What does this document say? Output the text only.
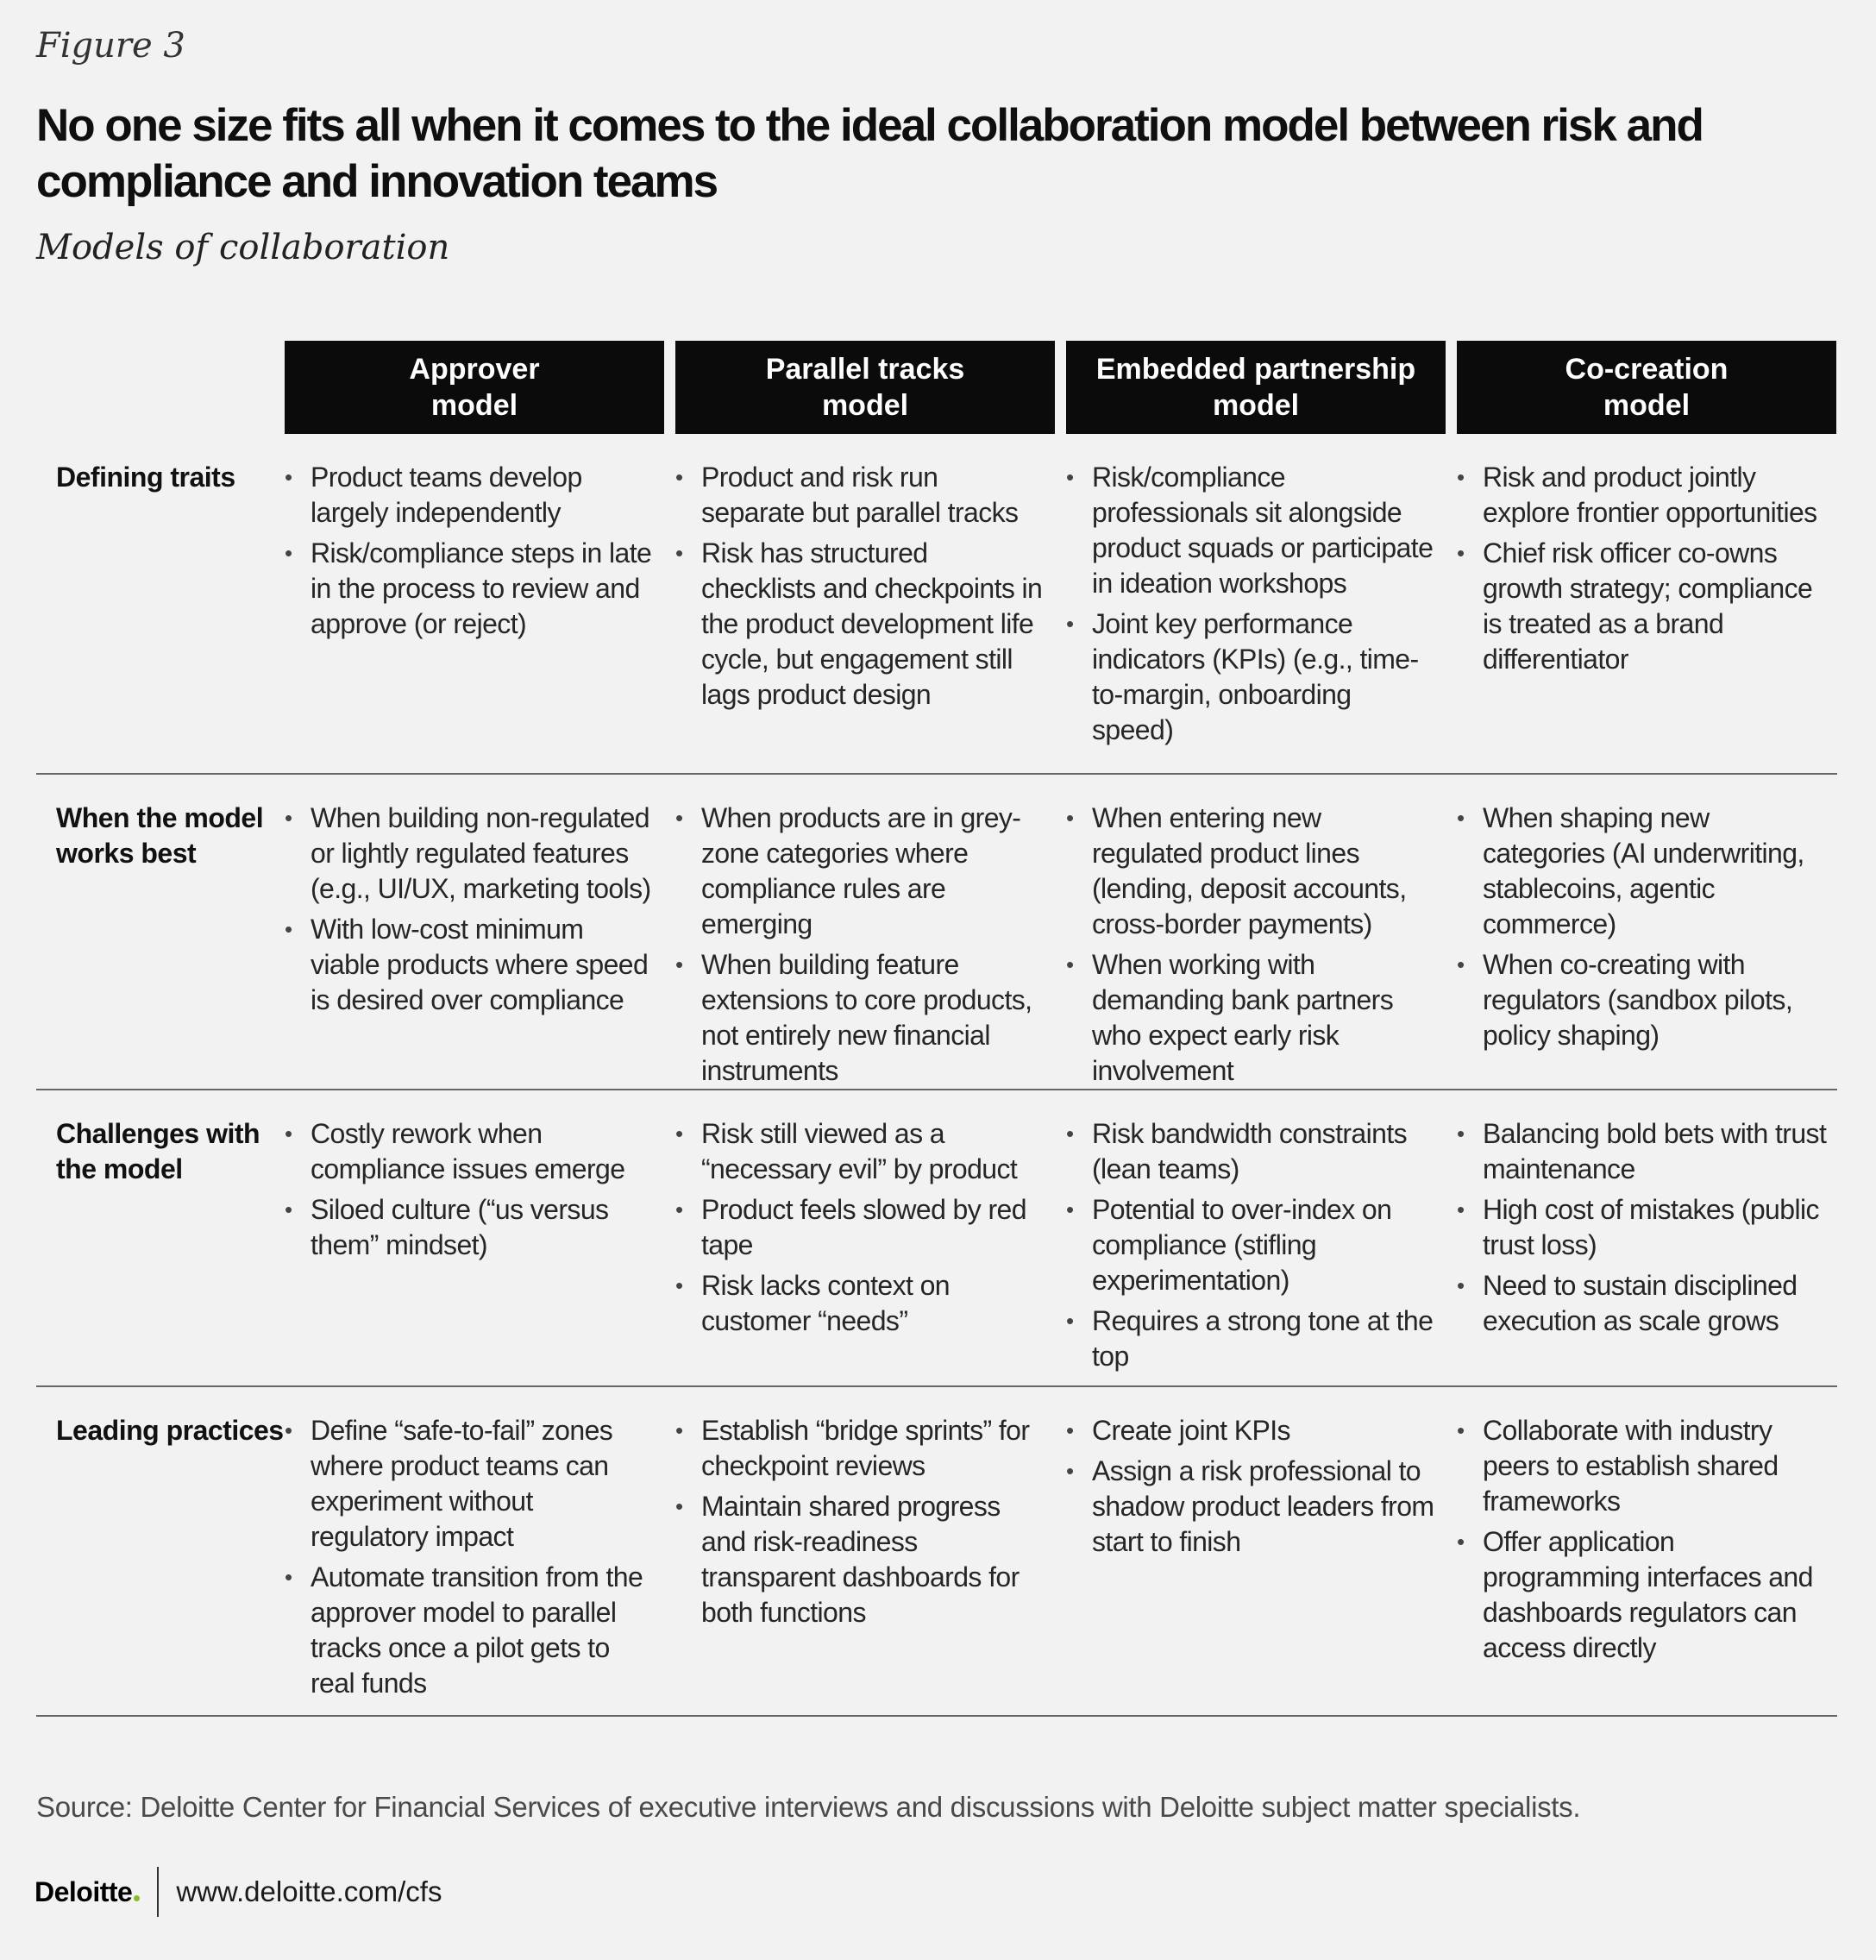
Figure 3
No one size fits all when it comes to the ideal collaboration model between risk and compliance and innovation teams
Models of collaboration
Approver
model
Parallel tracks
model
Embedded partnership
model
Co-creation
model
Defining traits	• Product teams develop largely independently
• Risk/compliance steps in late in the process to review and approve (or reject)
• Product and risk run separate but parallel tracks
• Risk has structured checklists and checkpoints in the product development life cycle, but engagement still lags product design
• Risk/compliance professionals sit alongside product squads or participate in ideation workshops
• Joint key performance indicators (KPIs) (e.g., time-to-margin, onboarding speed)
• Risk and product jointly explore frontier opportunities
• Chief risk officer co-owns growth strategy; compliance is treated as a brand differentiator
When the model works best
• When building non-regulated or lightly regulated features (e.g., UI/UX, marketing tools)
• With low-cost minimum viable products where speed is desired over compliance
• When products are in grey-zone categories where compliance rules are emerging
• When building feature extensions to core products, not entirely new financial instruments
• When entering new regulated product lines (lending, deposit accounts, cross-border payments)
• When working with demanding bank partners who expect early risk involvement
• When shaping new categories (AI underwriting, stablecoins, agentic commerce)
• When co-creating with regulators (sandbox pilots, policy shaping)
Challenges with the model
• Costly rework when compliance issues emerge
• Siloed culture (“us versus them” mindset)
• Risk still viewed as a “necessary evil” by product
• Product feels slowed by red tape
• Risk lacks context on customer “needs”
• Risk bandwidth constraints (lean teams)
• Potential to over-index on compliance (stifling experimentation)
• Requires a strong tone at the top
• Balancing bold bets with trust maintenance
• High cost of mistakes (public trust loss)
• Need to sustain disciplined execution as scale grows
Leading practices • Define “safe-to-fail” zones where product teams can experiment without regulatory impact
• Automate transition from the approver model to parallel tracks once a pilot gets to real funds
• Establish “bridge sprints” for checkpoint reviews
• Maintain shared progress and risk-readiness transparent dashboards for both functions
• Create joint KPIs
• Assign a risk professional to shadow product leaders from start to finish
• Collaborate with industry peers to establish shared frameworks
• Offer application programming interfaces and dashboards regulators can access directly
Source: Deloitte Center for Financial Services of executive interviews and discussions with Deloitte subject matter specialists.
Deloitte www.deloitte.com/cfs
